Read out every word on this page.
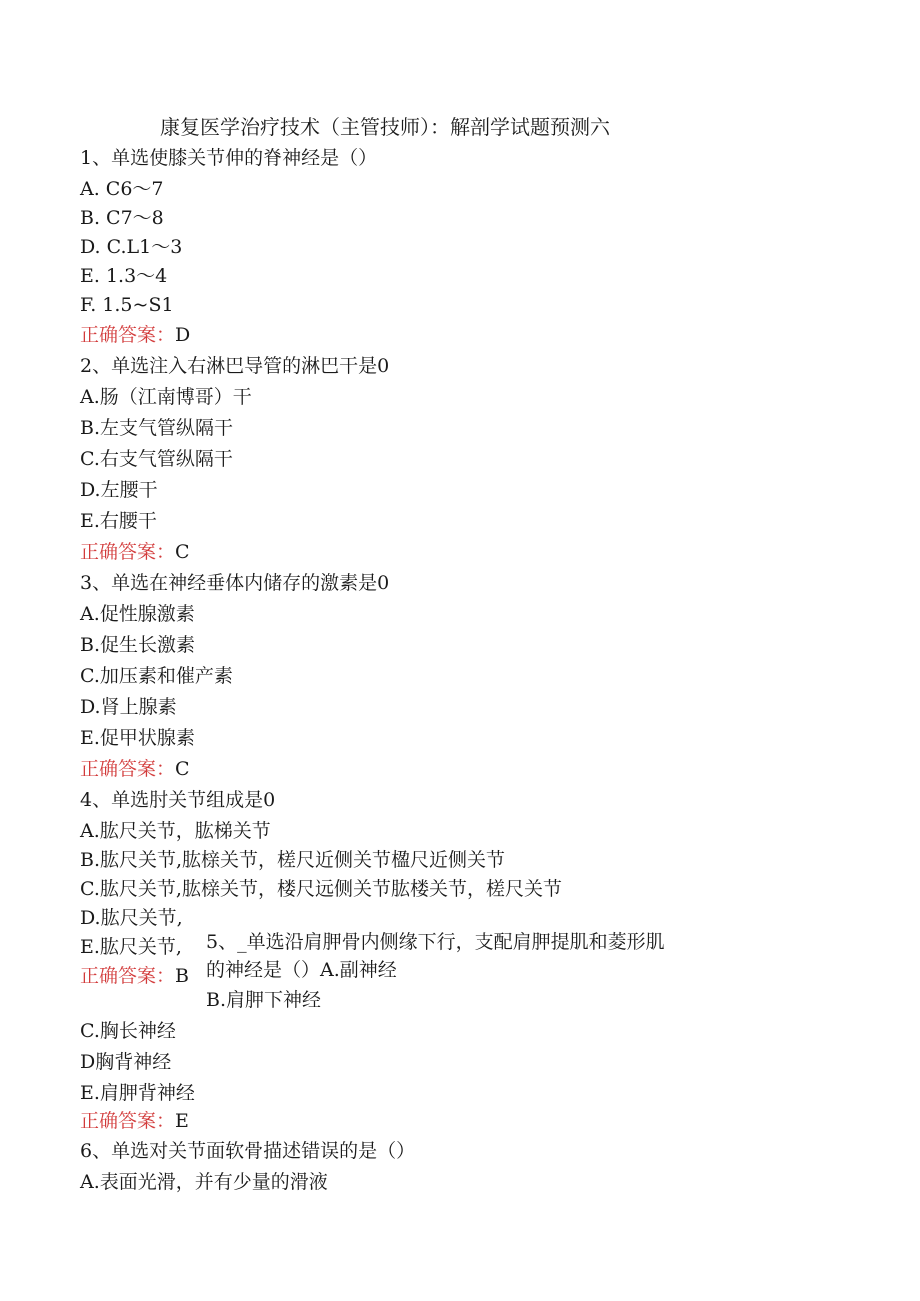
康复医学治疗技术（主管技师）：解剖学试题预测六
1、单选使膝关节伸的脊神经是（）
A. C6～7
B. C7～8
D. C.L1～3
E. 1.3～4
F. 1.5~S1
正确答案：D
2、单选注入右淋巴导管的淋巴干是0
A.肠（江南博哥）干
B.左支气管纵隔干
C.右支气管纵隔干
D.左腰干
E.右腰干
正确答案：C
3、单选在神经垂体内储存的激素是0
A.促性腺激素
B.促生长激素
C.加压素和催产素
D.肾上腺素
E.促甲状腺素
正确答案：C
4、单选肘关节组成是0
A.肱尺关节，肱梯关节
B.肱尺关节,肱榇关节，槎尺近侧关节楹尺近侧关节
C.肱尺关节,肱榇关节，楼尺远侧关节肱楼关节，槎尺关节
D.肱尺关节,
E.肱尺关节,
正确答案：B
5、_单选沿肩胛骨内侧缘下行，支配肩胛提肌和菱形肌
的神经是（）A.副神经
B.肩胛下神经
C.胸长神经
D胸背神经
E.肩胛背神经
正确答案：E
6、单选对关节面软骨描述错误的是（）
A.表面光滑，并有少量的滑液
